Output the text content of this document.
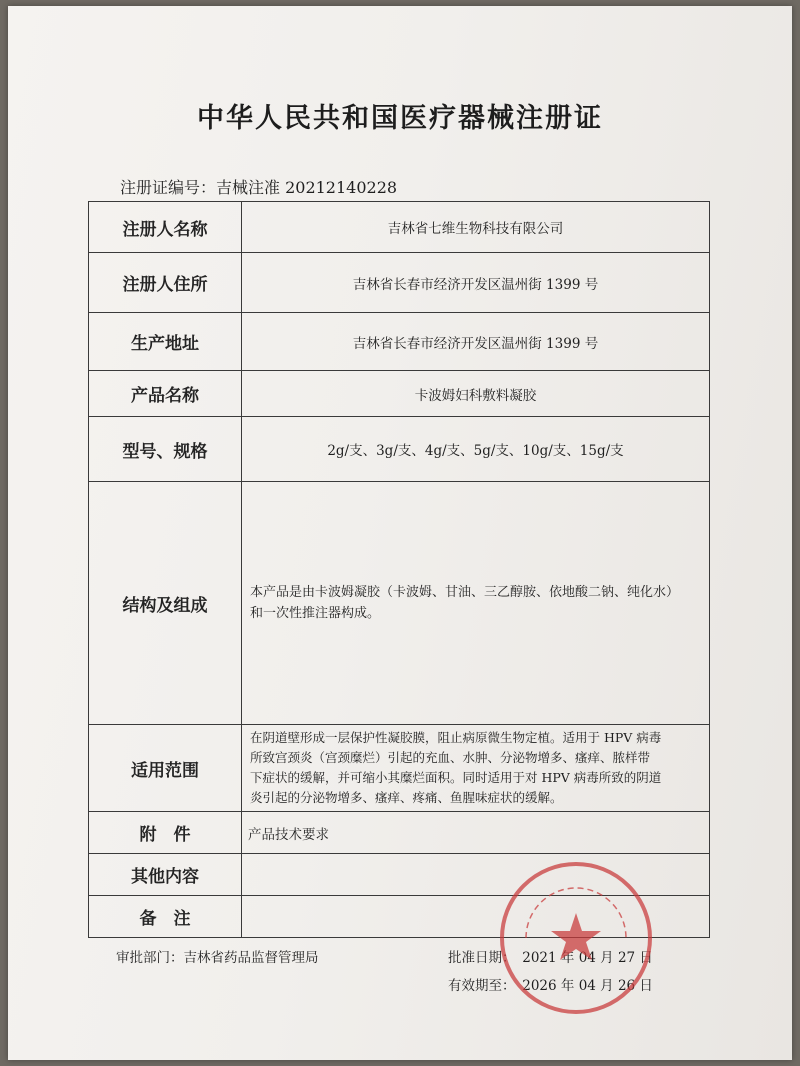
中华人民共和国医疗器械注册证
注册证编号：吉械注准 20212140228
注册人名称	吉林省七维生物科技有限公司
注册人住所	吉林省长春市经济开发区温州街 1399 号
生产地址	吉林省长春市经济开发区温州街 1399 号
产品名称	卡波姆妇科敷料凝胶
型号、规格	2g/支、3g/支、4g/支、5g/支、10g/支、15g/支
结构及组成	本产品是由卡波姆凝胶（卡波姆、甘油、三乙醇胺、依地酸二钠、纯化水）
和一次性推注器构成。

适用范围	在阴道壁形成一层保护性凝胶膜，阻止病原微生物定植。适用于 HPV 病毒
所致宫颈炎（宫颈糜烂）引起的充血、水肿、分泌物增多、瘙痒、脓样带
下症状的缓解，并可缩小其糜烂面积。同时适用于对 HPV 病毒所致的阴道
炎引起的分泌物增多、瘙痒、疼痛、鱼腥味症状的缓解。

附　件	产品技术要求
其他内容	
备　注	
审批部门：吉林省药品监督管理局	批准日期：　2021 年 04 月 27 日
有效期至：　2026 年 04 月 26 日
